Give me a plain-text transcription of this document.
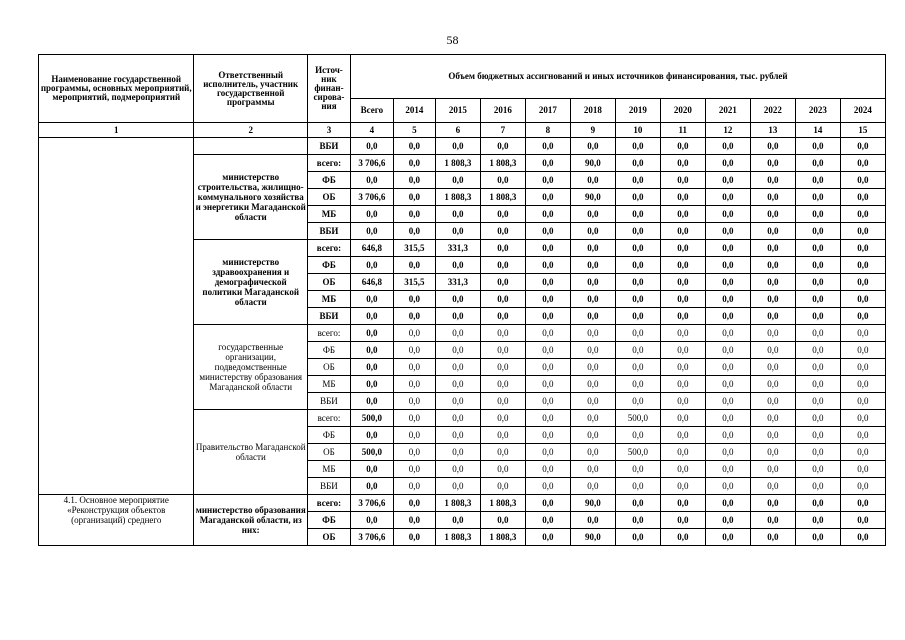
58
Наименование государственной программы, основных мероприятий, мероприятий, подмероприятий	Ответственный исполнитель, участник государственной программы	Источ-ник финан-сирова-ния	Объем бюджетных ассигнований и иных источников финансирования, тыс. рублей											
			Всего	2014	2015	2016	2017	2018	2019	2020	2021	2022	2023	2024
1	2	3	4	5	6	7	8	9	10	11	12	13	14	15
		ВБИ	0,0	0,0	0,0	0,0	0,0	0,0	0,0	0,0	0,0	0,0	0,0	0,0
	министерство строительства, жилищно-коммунального хозяйства и энергетики Магаданской области	всего:	3 706,6	0,0	1 808,3	1 808,3	0,0	90,0	0,0	0,0	0,0	0,0	0,0	0,0
		ФБ	0,0	0,0	0,0	0,0	0,0	0,0	0,0	0,0	0,0	0,0	0,0	0,0
		ОБ	3 706,6	0,0	1 808,3	1 808,3	0,0	90,0	0,0	0,0	0,0	0,0	0,0	0,0
		МБ	0,0	0,0	0,0	0,0	0,0	0,0	0,0	0,0	0,0	0,0	0,0	0,0
		ВБИ	0,0	0,0	0,0	0,0	0,0	0,0	0,0	0,0	0,0	0,0	0,0	0,0
	министерство здравоохранения и демографической политики Магаданской области	всего:	646,8	315,5	331,3	0,0	0,0	0,0	0,0	0,0	0,0	0,0	0,0	0,0
		ФБ	0,0	0,0	0,0	0,0	0,0	0,0	0,0	0,0	0,0	0,0	0,0	0,0
		ОБ	646,8	315,5	331,3	0,0	0,0	0,0	0,0	0,0	0,0	0,0	0,0	0,0
		МБ	0,0	0,0	0,0	0,0	0,0	0,0	0,0	0,0	0,0	0,0	0,0	0,0
		ВБИ	0,0	0,0	0,0	0,0	0,0	0,0	0,0	0,0	0,0	0,0	0,0	0,0
	государственные организации, подведомственные министерству образования Магаданской области	всего:	0,0	0,0	0,0	0,0	0,0	0,0	0,0	0,0	0,0	0,0	0,0	0,0
		ФБ	0,0	0,0	0,0	0,0	0,0	0,0	0,0	0,0	0,0	0,0	0,0	0,0
		ОБ	0,0	0,0	0,0	0,0	0,0	0,0	0,0	0,0	0,0	0,0	0,0	0,0
		МБ	0,0	0,0	0,0	0,0	0,0	0,0	0,0	0,0	0,0	0,0	0,0	0,0
		ВБИ	0,0	0,0	0,0	0,0	0,0	0,0	0,0	0,0	0,0	0,0	0,0	0,0
	Правительство Магаданской области	всего:	500,0	0,0	0,0	0,0	0,0	0,0	500,0	0,0	0,0	0,0	0,0	0,0
		ФБ	0,0	0,0	0,0	0,0	0,0	0,0	0,0	0,0	0,0	0,0	0,0	0,0
		ОБ	500,0	0,0	0,0	0,0	0,0	0,0	500,0	0,0	0,0	0,0	0,0	0,0
		МБ	0,0	0,0	0,0	0,0	0,0	0,0	0,0	0,0	0,0	0,0	0,0	0,0
		ВБИ	0,0	0,0	0,0	0,0	0,0	0,0	0,0	0,0	0,0	0,0	0,0	0,0
4.1. Основное мероприятие «Реконструкция объектов (организаций) среднего	министерство образования Магаданской области, из них:	всего:	3 706,6	0,0	1 808,3	1 808,3	0,0	90,0	0,0	0,0	0,0	0,0	0,0	0,0
		ФБ	0,0	0,0	0,0	0,0	0,0	0,0	0,0	0,0	0,0	0,0	0,0	0,0
		ОБ	3 706,6	0,0	1 808,3	1 808,3	0,0	90,0	0,0	0,0	0,0	0,0	0,0	0,0
